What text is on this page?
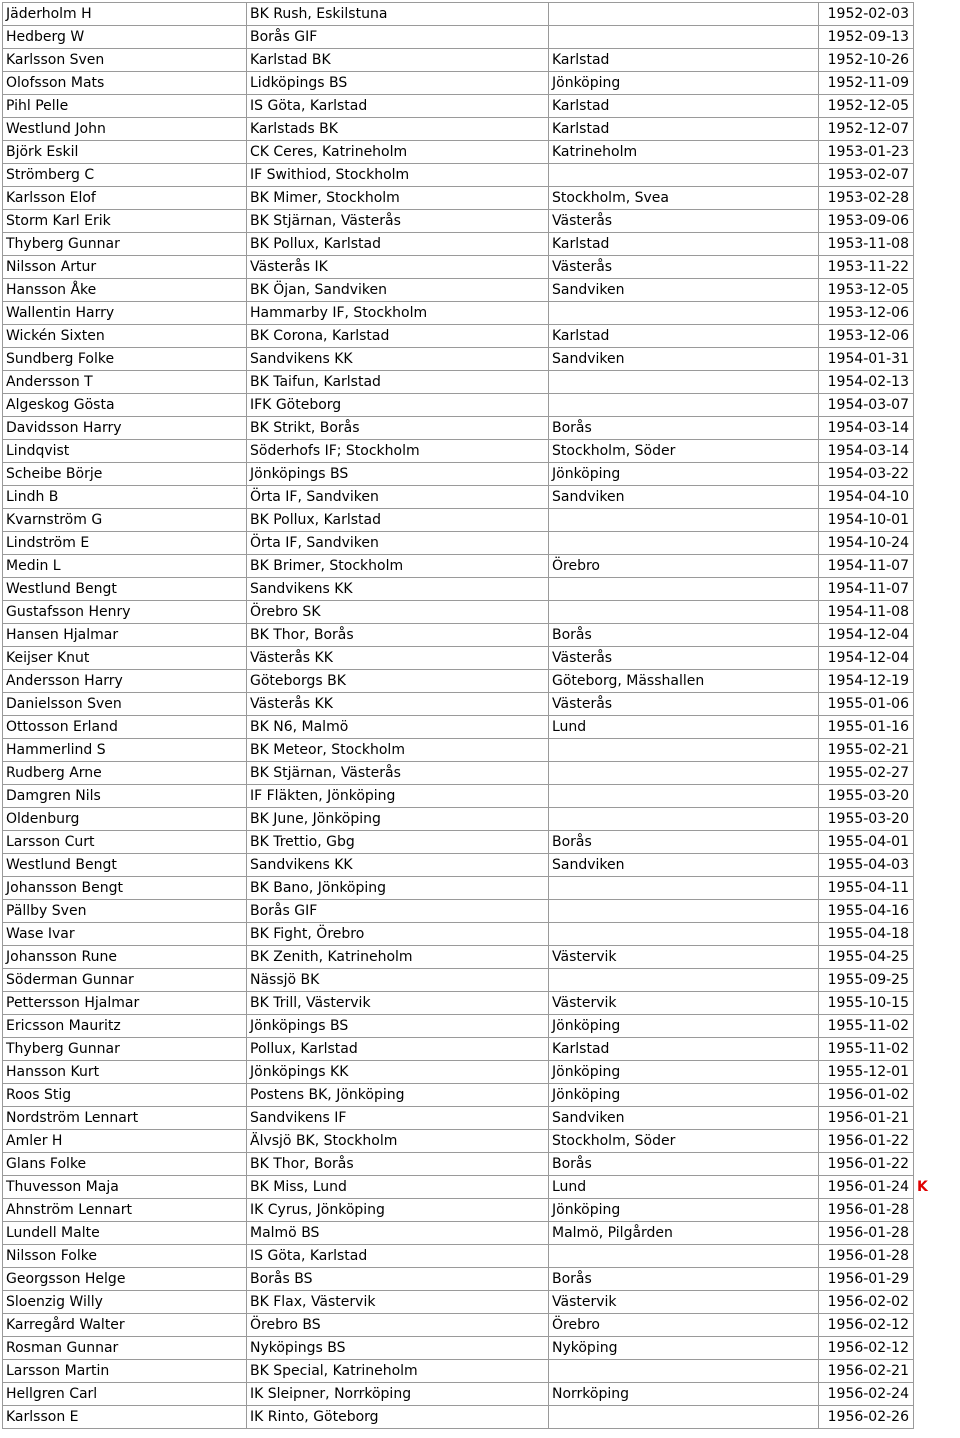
Jäderholm H	BK Rush, Eskilstuna		1952-02-03
Hedberg W	Borås GIF		1952-09-13
Karlsson Sven	Karlstad BK	Karlstad	1952-10-26
Olofsson Mats	Lidköpings BS	Jönköping	1952-11-09
Pihl Pelle	IS Göta, Karlstad	Karlstad	1952-12-05
Westlund John	Karlstads BK	Karlstad	1952-12-07
Björk Eskil	CK Ceres, Katrineholm	Katrineholm	1953-01-23
Strömberg C	IF Swithiod, Stockholm		1953-02-07
Karlsson Elof	BK Mimer, Stockholm	Stockholm, Svea	1953-02-28
Storm Karl Erik	BK Stjärnan, Västerås	Västerås	1953-09-06
Thyberg Gunnar	BK Pollux, Karlstad	Karlstad	1953-11-08
Nilsson Artur	Västerås IK	Västerås	1953-11-22
Hansson Åke	BK Öjan, Sandviken	Sandviken	1953-12-05
Wallentin Harry	Hammarby IF, Stockholm		1953-12-06
Wickén Sixten	BK Corona, Karlstad	Karlstad	1953-12-06
Sundberg Folke	Sandvikens KK	Sandviken	1954-01-31
Andersson T	BK Taifun, Karlstad		1954-02-13
Algeskog Gösta	IFK Göteborg		1954-03-07
Davidsson Harry	BK Strikt, Borås	Borås	1954-03-14
Lindqvist	Söderhofs IF; Stockholm	Stockholm, Söder	1954-03-14
Scheibe Börje	Jönköpings BS	Jönköping	1954-03-22
Lindh B	Örta IF, Sandviken	Sandviken	1954-04-10
Kvarnström G	BK Pollux, Karlstad		1954-10-01
Lindström E	Örta IF, Sandviken		1954-10-24
Medin L	BK Brimer, Stockholm	Örebro	1954-11-07
Westlund Bengt	Sandvikens KK		1954-11-07
Gustafsson Henry	Örebro SK		1954-11-08
Hansen Hjalmar	BK Thor, Borås	Borås	1954-12-04
Keijser Knut	Västerås KK	Västerås	1954-12-04
Andersson Harry	Göteborgs BK	Göteborg, Mässhallen	1954-12-19
Danielsson Sven	Västerås KK	Västerås	1955-01-06
Ottosson Erland	BK N6, Malmö	Lund	1955-01-16
Hammerlind S	BK Meteor, Stockholm		1955-02-21
Rudberg Arne	BK Stjärnan, Västerås		1955-02-27
Damgren Nils	IF Fläkten, Jönköping		1955-03-20
Oldenburg	BK June, Jönköping		1955-03-20
Larsson Curt	BK Trettio, Gbg	Borås	1955-04-01
Westlund Bengt	Sandvikens KK	Sandviken	1955-04-03
Johansson Bengt	BK Bano, Jönköping		1955-04-11
Pällby Sven	Borås GIF		1955-04-16
Wase Ivar	BK Fight, Örebro		1955-04-18
Johansson Rune	BK Zenith, Katrineholm	Västervik	1955-04-25
Söderman Gunnar	Nässjö BK		1955-09-25
Pettersson Hjalmar	BK Trill, Västervik	Västervik	1955-10-15
Ericsson Mauritz	Jönköpings BS	Jönköping	1955-11-02
Thyberg Gunnar	Pollux, Karlstad	Karlstad	1955-11-02
Hansson Kurt	Jönköpings KK	Jönköping	1955-12-01
Roos Stig	Postens BK, Jönköping	Jönköping	1956-01-02
Nordström Lennart	Sandvikens IF	Sandviken	1956-01-21
Amler H	Älvsjö BK, Stockholm	Stockholm, Söder	1956-01-22
Glans Folke	BK Thor, Borås	Borås	1956-01-22
Thuvesson Maja	BK Miss, Lund	Lund	1956-01-24 K

Ahnström Lennart	IK Cyrus, Jönköping	Jönköping	1956-01-28
Lundell Malte	Malmö BS	Malmö, Pilgården	1956-01-28
Nilsson Folke	IS Göta, Karlstad		1956-01-28
Georgsson Helge	Borås BS	Borås	1956-01-29
Sloenzig Willy	BK Flax, Västervik	Västervik	1956-02-02
Karregård Walter	Örebro BS	Örebro	1956-02-12
Rosman Gunnar	Nyköpings BS	Nyköping	1956-02-12
Larsson Martin	BK Special, Katrineholm		1956-02-21
Hellgren Carl	IK Sleipner, Norrköping	Norrköping	1956-02-24
Karlsson E	IK Rinto, Göteborg		1956-02-26
